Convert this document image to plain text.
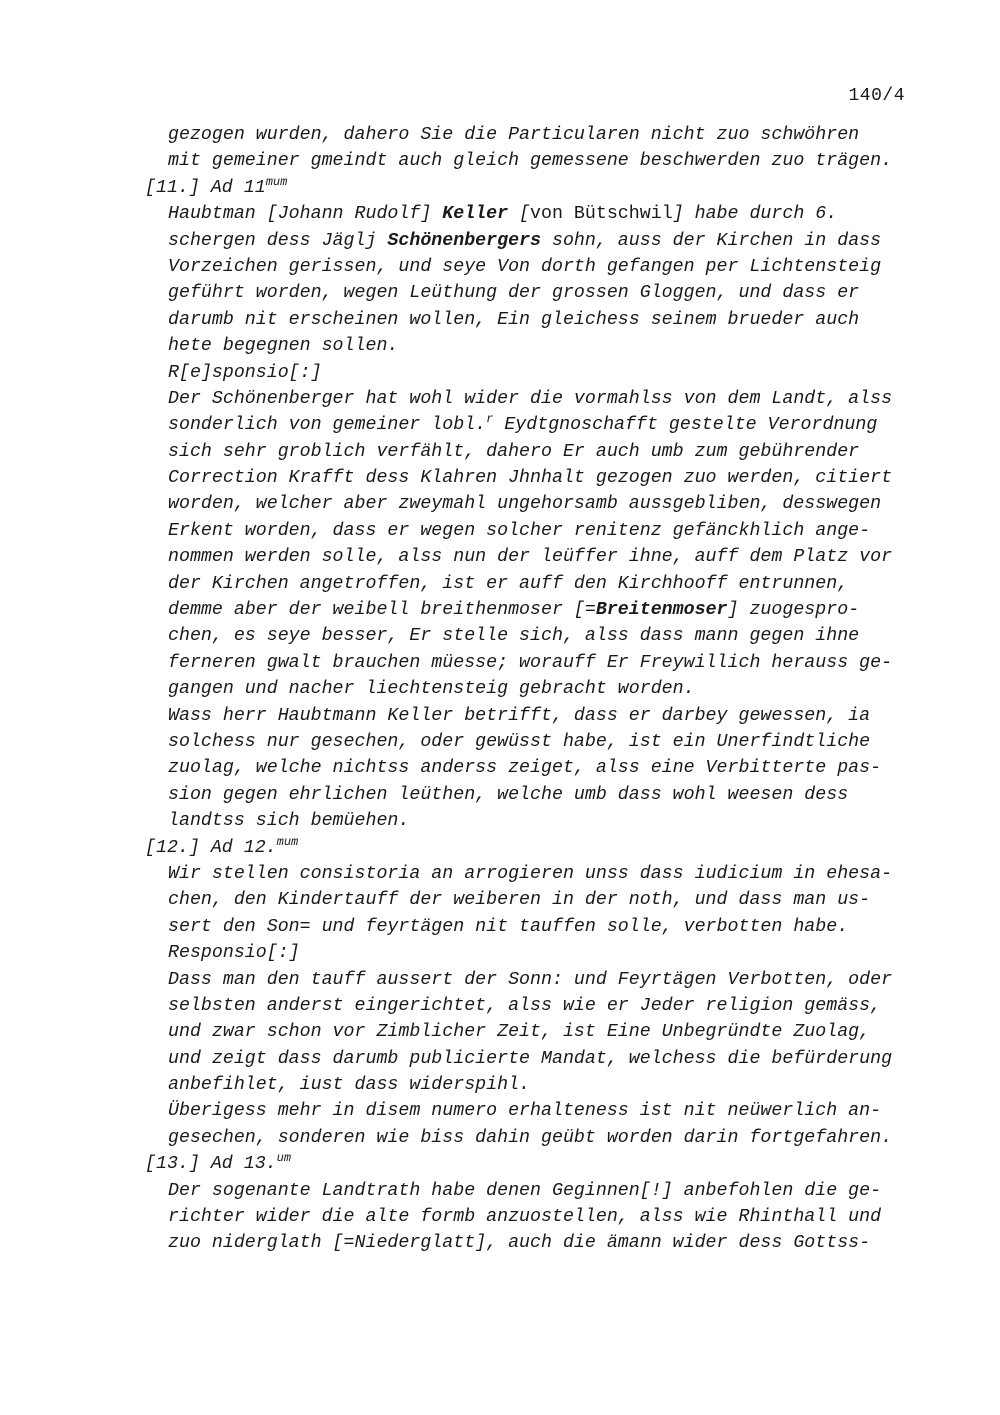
140/4
gezogen wurden, dahero Sie die Particularen nicht zuo schwöhren
mit gemeiner gmeindt auch gleich gemessene beschwerden zuo trägen.
[11.] Ad $11^{mum}$
Haubtman [Johann Rudolf] Keller [von Bütschwil] habe durch 6.
schergen dess Jäglj Schönenbergers sohn, auss der Kirchen in dass
Vorzeichen gerissen, und seye Von dorth gefangen per Lichtensteig
geführt worden, wegen Leüthung der grossen Gloggen, und dass er
darumb nit erscheinen wollen, Ein gleichess seinem brueder auch
hete begegnen sollen.
R[e]sponsio[:]
Der Schönenberger hat wohl wider die vormahlss von dem Landt, alss
sonderlich von gemeiner lobl.$^r$ Eydtgnoschafft gestelte Verordnung
sich sehr groblich verfählt, dahero Er auch umb zum gebührender
Correction Krafft dess Klahren Jhnhalt gezogen zuo werden, citiert
worden, welcher aber zweymahl ungehorsamb aussgebliben, desswegen
Erkent worden, dass er wegen solcher renitenz gefänckhlich ange-
nommen werden solle, alss nun der leüffer ihne, auff dem Platz vor
der Kirchen angetroffen, ist er auff den Kirchhooff entrunnen,
demme aber der weibell breithenmoser [=Breitenmoser] zuogespro-
chen, es seye besser, Er stelle sich, alss dass mann gegen ihne
ferneren gwalt brauchen müesse; worauff Er Freywillich herauss ge-
gangen und nacher liechtensteig gebracht worden.
Wass herr Haubtmann Keller betrifft, dass er darbey gewessen, ia
solchess nur gesechen, oder gewüsst habe, ist ein Unerfindtliche
zuolag, welche nichtss anderss zeiget, alss eine Verbitterte pas-
sion gegen ehrlichen leüthen, welche umb dass wohl weesen dess
landtss sich bemüehen.
[12.] Ad 12.$^{mum}$
Wir stellen consistoria an arrogieren unss dass iudicium in ehesa-
chen, den Kindertauff der weiberen in der noth, und dass man us-
sert den Son= und feyrtägen nit tauffen solle, verbotten habe.
Responsio[:]
Dass man den tauff aussert der Sonn: und Feyrtägen Verbotten, oder
selbsten anderst eingerichtet, alss wie er Jeder religion gemäss,
und zwar schon vor Zimblicher Zeit, ist Eine Unbegründte Zuolag,
und zeigt dass darumb publicierte Mandat, welchess die befürderung
anbefihlet, iust dass widerspihl.
Überigess mehr in disem numero erhalteness ist nit neüwerlich an-
gesechen, sonderen wie biss dahin geübt worden darin fortgefahren.
[13.] Ad 13.$^{um}$
Der sogenante Landtrath habe denen Geginnen[!] anbefohlen die ge-
richter wider die alte formb anzuostellen, alss wie Rhinthall und
zuo niderglath [=Niederglatt], auch die ämann wider dess Gottss-
